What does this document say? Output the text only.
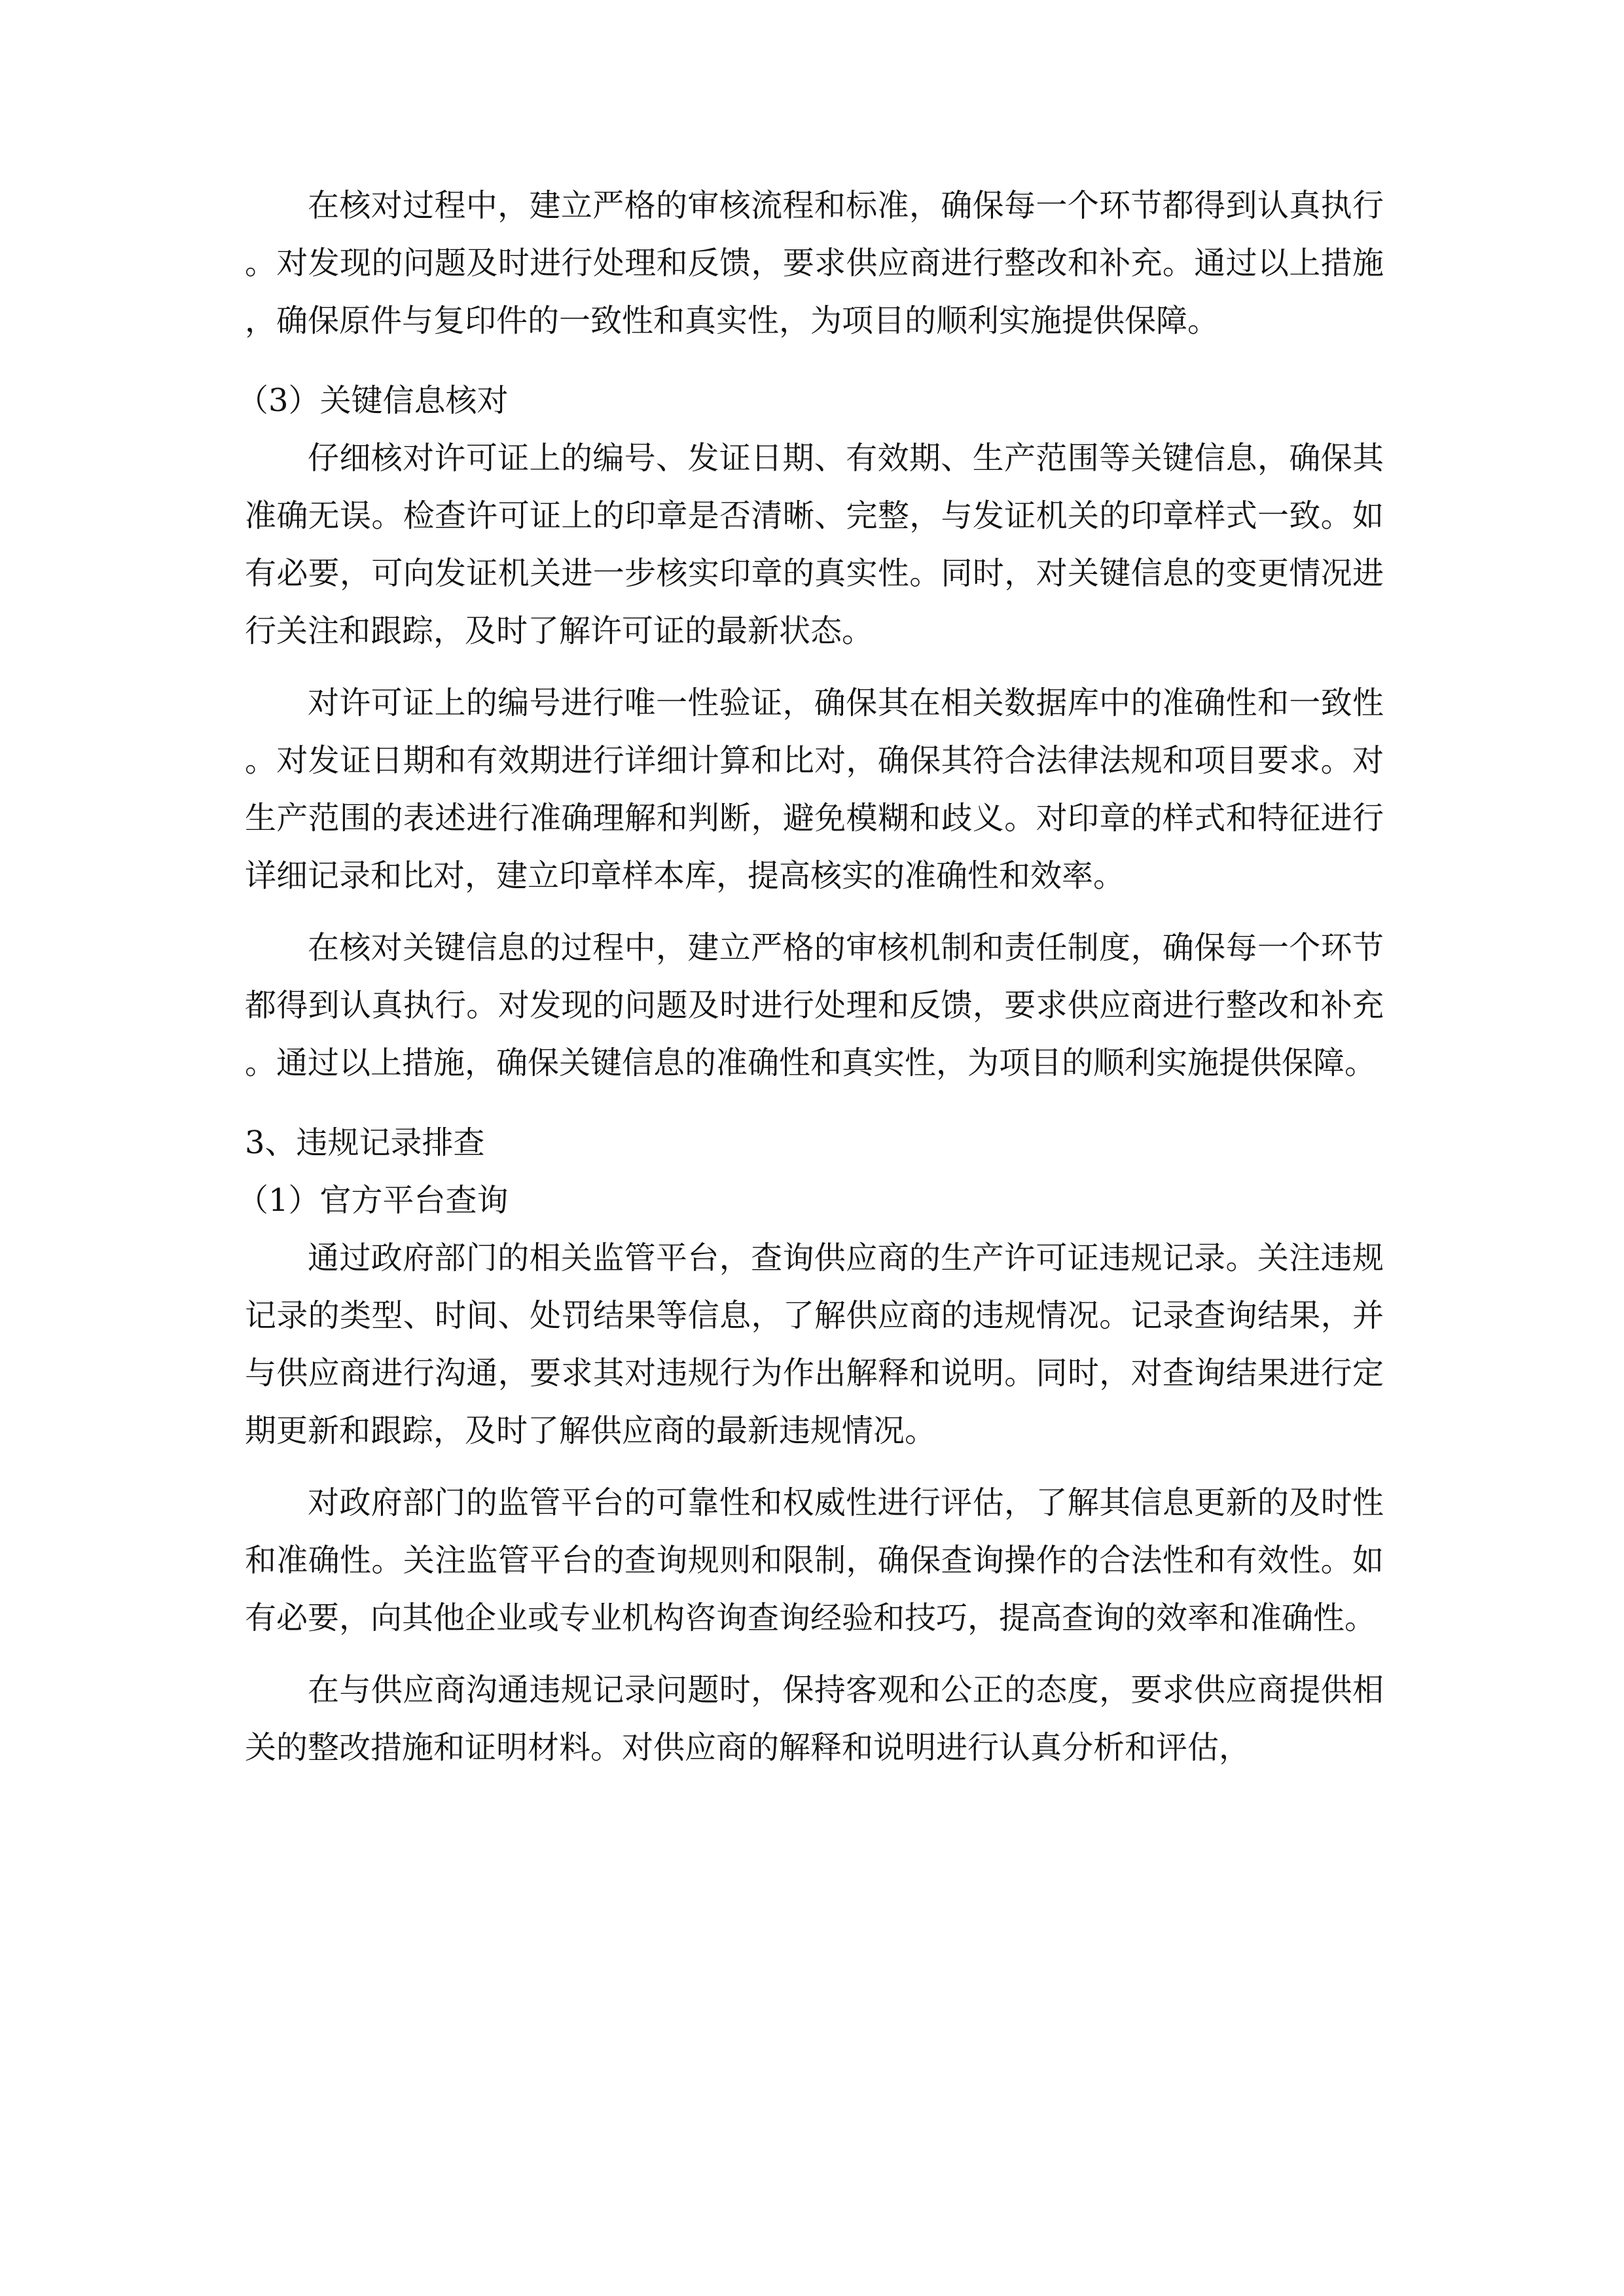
在核对过程中，建立严格的审核流程和标准，确保每一个环节都得到认真执行。对发现的问题及时进行处理和反馈，要求供应商进行整改和补充。通过以上措施，确保原件与复印件的一致性和真实性，为项目的顺利实施提供保障。

（3）关键信息核对

仔细核对许可证上的编号、发证日期、有效期、生产范围等关键信息，确保其准确无误。检查许可证上的印章是否清晰、完整，与发证机关的印章样式一致。如有必要，可向发证机关进一步核实印章的真实性。同时，对关键信息的变更情况进行关注和跟踪，及时了解许可证的最新状态。

对许可证上的编号进行唯一性验证，确保其在相关数据库中的准确性和一致性。对发证日期和有效期进行详细计算和比对，确保其符合法律法规和项目要求。对生产范围的表述进行准确理解和判断，避免模糊和歧义。对印章的样式和特征进行详细记录和比对，建立印章样本库，提高核实的准确性和效率。

在核对关键信息的过程中，建立严格的审核机制和责任制度，确保每一个环节都得到认真执行。对发现的问题及时进行处理和反馈，要求供应商进行整改和补充。通过以上措施，确保关键信息的准确性和真实性，为项目的顺利实施提供保障。

3、违规记录排查

（1）官方平台查询

通过政府部门的相关监管平台，查询供应商的生产许可证违规记录。关注违规记录的类型、时间、处罚结果等信息，了解供应商的违规情况。记录查询结果，并与供应商进行沟通，要求其对违规行为作出解释和说明。同时，对查询结果进行定期更新和跟踪，及时了解供应商的最新违规情况。

对政府部门的监管平台的可靠性和权威性进行评估，了解其信息更新的及时性和准确性。关注监管平台的查询规则和限制，确保查询操作的合法性和有效性。如有必要，向其他企业或专业机构咨询查询经验和技巧，提高查询的效率和准确性。

在与供应商沟通违规记录问题时，保持客观和公正的态度，要求供应商提供相关的整改措施和证明材料。对供应商的解释和说明进行认真分析和评估，
